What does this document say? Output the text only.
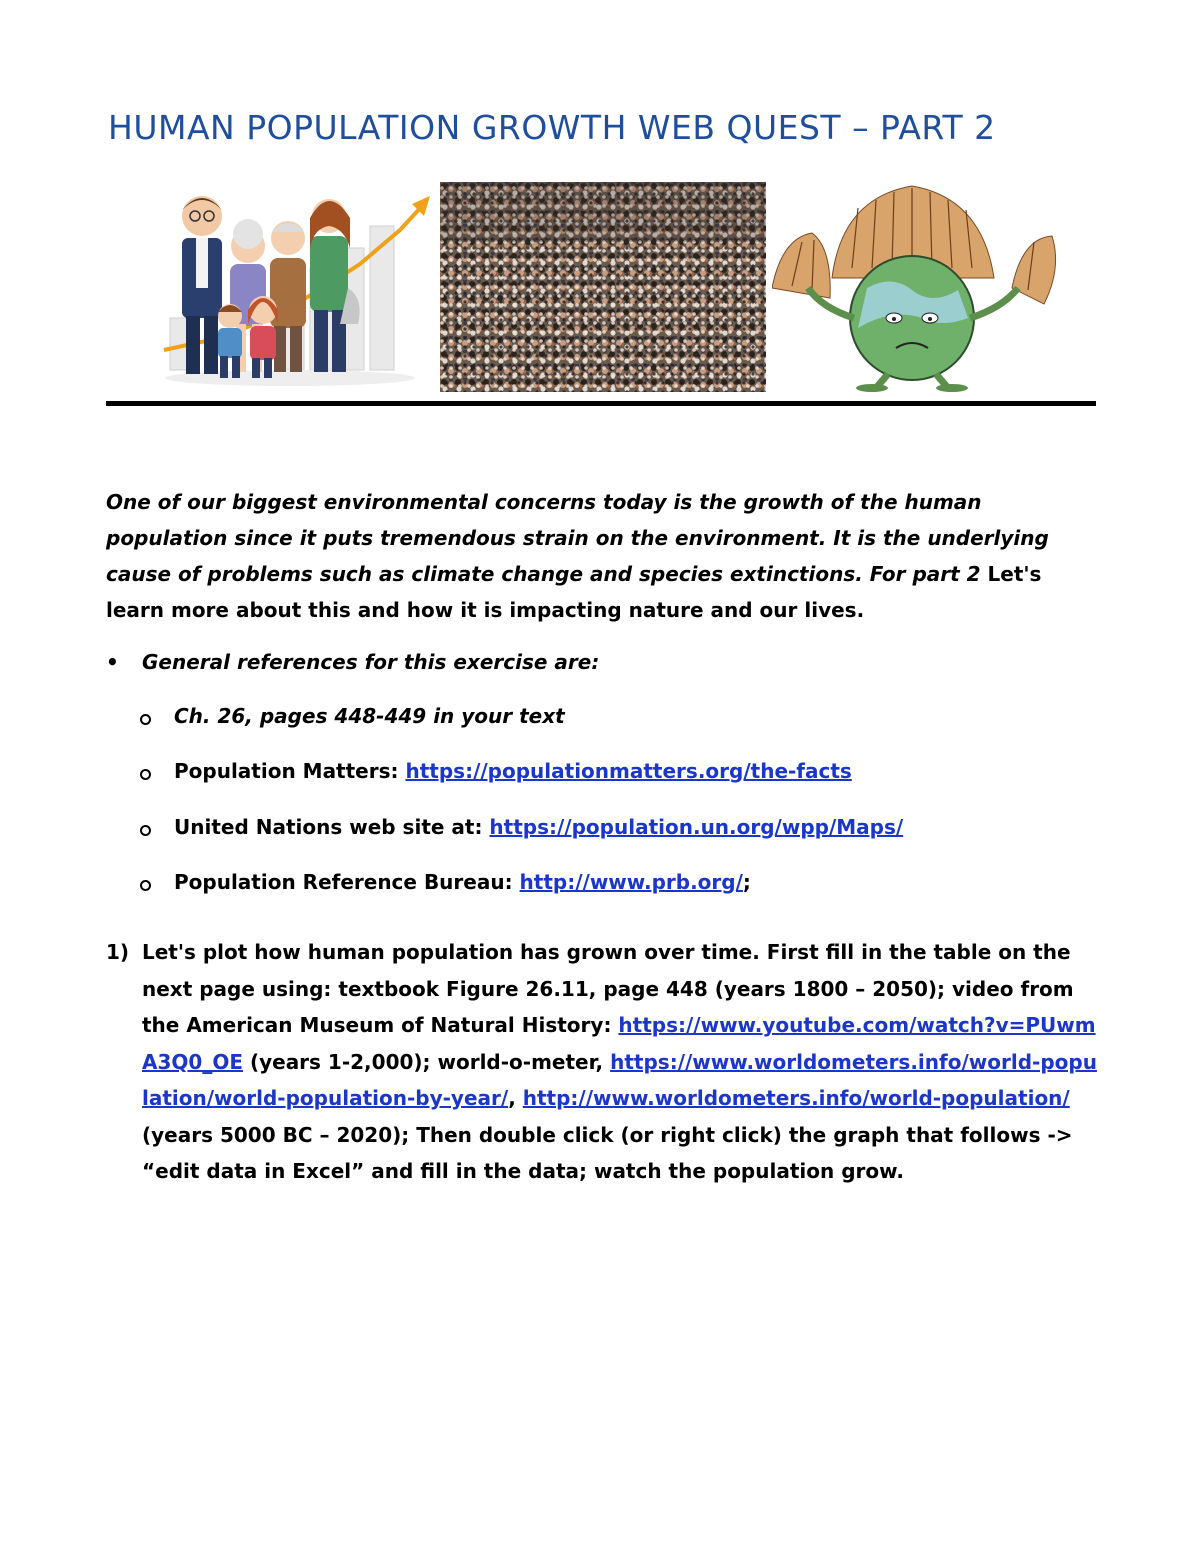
HUMAN POPULATION GROWTH WEB QUEST – PART 2
One of our biggest environmental concerns today is the growth of the human population since it puts tremendous strain on the environment. It is the underlying cause of problems such as climate change and species extinctions. For part 2 Let's learn more about this and how it is impacting nature and our lives.
• General references for this exercise are:
Ch. 26, pages 448-449 in your text
Population Matters: https://populationmatters.org/the-facts
United Nations web site at: https://population.un.org/wpp/Maps/
Population Reference Bureau: http://www.prb.org/;
1) Let's plot how human population has grown over time. First fill in the table on the next page using: textbook Figure 26.11, page 448 (years 1800 – 2050); video from the American Museum of Natural History: https://www.youtube.com/watch?v=PUwmA3Q0_OE (years 1-2,000); world-o-meter, https://www.worldometers.info/world-population/world-population-by-year/, http://www.worldometers.info/world-population/ (years 5000 BC – 2020); Then double click (or right click) the graph that follows -> “edit data in Excel” and fill in the data; watch the population grow.
